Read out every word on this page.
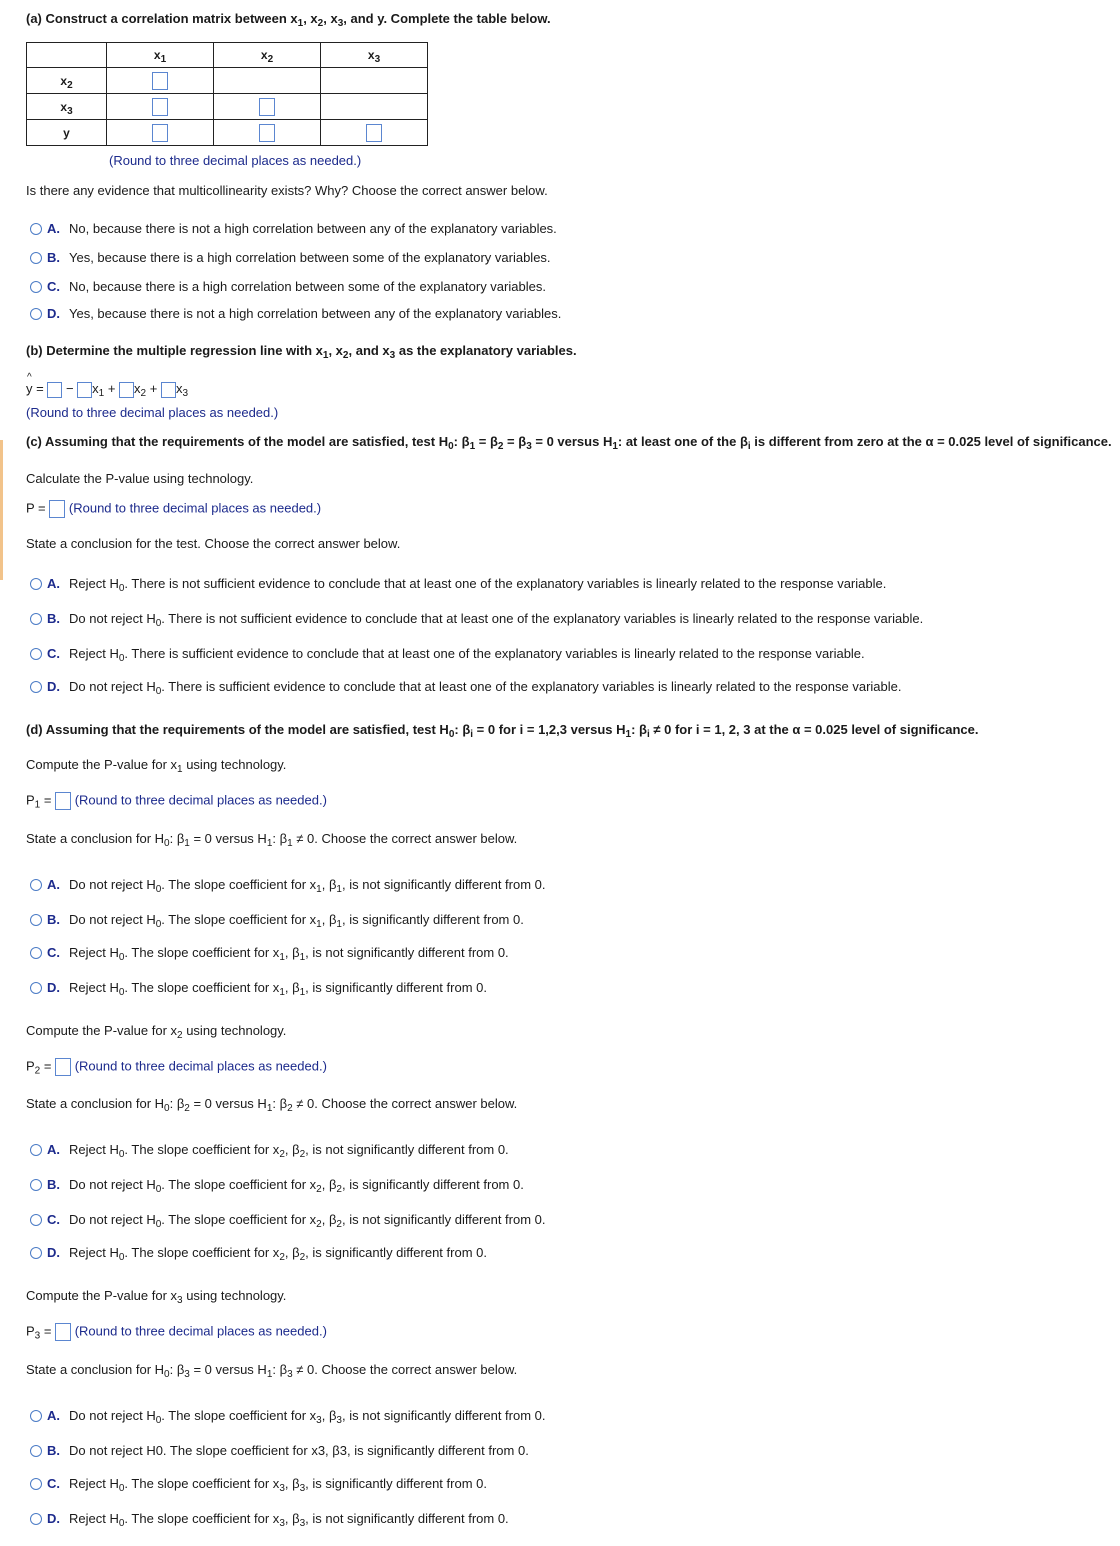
(a) Construct a correlation matrix between $x_1$, $x_2$, $x_3$, and y. Complete the table below.
	$x_1$	$x_2$	$x_3$
$x_2$			
$x_3$			
y			
(Round to three decimal places as needed.)
Is there any evidence that multicollinearity exists? Why? Choose the correct answer below.
A. No, because there is not a high correlation between any of the explanatory variables.
B. Yes, because there is a high correlation between some of the explanatory variables.
C. No, because there is a high correlation between some of the explanatory variables.
D. Yes, because there is not a high correlation between any of the explanatory variables.
(b) Determine the multiple regression line with $x_1$, $x_2$, and $x_3$ as the explanatory variables.
y
^
=  − $x_1 + x_2 + x_3$
(Round to three decimal places as needed.)
(c) Assuming that the requirements of the model are satisfied, test $H_0$: $\beta_1 = \beta_2 = \beta_3 = 0$ versus $H_1$: at least one of the $\beta_i$ is different from zero at the α = 0.025 level of significance.
Calculate the P-value using technology.
P = (Round to three decimal places as needed.)
State a conclusion for the test. Choose the correct answer below.
A. Reject $H_0$. There is not sufficient evidence to conclude that at least one of the explanatory variables is linearly related to the response variable.
B. Do not reject $H_0$. There is not sufficient evidence to conclude that at least one of the explanatory variables is linearly related to the response variable.
C. Reject $H_0$. There is sufficient evidence to conclude that at least one of the explanatory variables is linearly related to the response variable.
D. Do not reject $H_0$. There is sufficient evidence to conclude that at least one of the explanatory variables is linearly related to the response variable.
(d) Assuming that the requirements of the model are satisfied, test $H_0$: $\beta_i = 0$ for i = 1,2,3 versus $H_1$: $\beta_i \ne 0$ for i = 1, 2, 3 at the α = 0.025 level of significance.
Compute the P-value for $x_1$ using technology.
$P_1$ =  (Round to three decimal places as needed.)
State a conclusion for $H_0$: $\beta_1 = 0$ versus $H_1$: $\beta_1 \ne 0$. Choose the correct answer below.
A. Do not reject $H_0$. The slope coefficient for $x_1$, $\beta_1$, is not significantly different from 0.
B. Do not reject $H_0$. The slope coefficient for $x_1$, $\beta_1$, is significantly different from 0.
C. Reject $H_0$. The slope coefficient for $x_1$, $\beta_1$, is not significantly different from 0.
D. Reject $H_0$. The slope coefficient for $x_1$, $\beta_1$, is significantly different from 0.
Compute the P-value for $x_2$ using technology.
$P_2$ =  (Round to three decimal places as needed.)
State a conclusion for $H_0$: $\beta_2 = 0$ versus $H_1$: $\beta_2 \ne 0$. Choose the correct answer below.
A. Reject $H_0$. The slope coefficient for $x_2$, $\beta_2$, is not significantly different from 0.
B. Do not reject $H_0$. The slope coefficient for $x_2$, $\beta_2$, is significantly different from 0.
C. Do not reject $H_0$. The slope coefficient for $x_2$, $\beta_2$, is not significantly different from 0.
D. Reject $H_0$. The slope coefficient for $x_2$, $\beta_2$, is significantly different from 0.
Compute the P-value for $x_3$ using technology.
$P_3$ =  (Round to three decimal places as needed.)
State a conclusion for $H_0$: $\beta_3 = 0$ versus $H_1$: $\beta_3 \ne 0$. Choose the correct answer below.
A. Do not reject $H_0$. The slope coefficient for $x_3$, $\beta_3$, is not significantly different from 0.
B. Do not reject H0. The slope coefficient for x3, β3, is significantly different from 0.
C. Reject $H_0$. The slope coefficient for $x_3$, $\beta_3$, is significantly different from 0.
D. Reject $H_0$. The slope coefficient for $x_3$, $\beta_3$, is not significantly different from 0.
